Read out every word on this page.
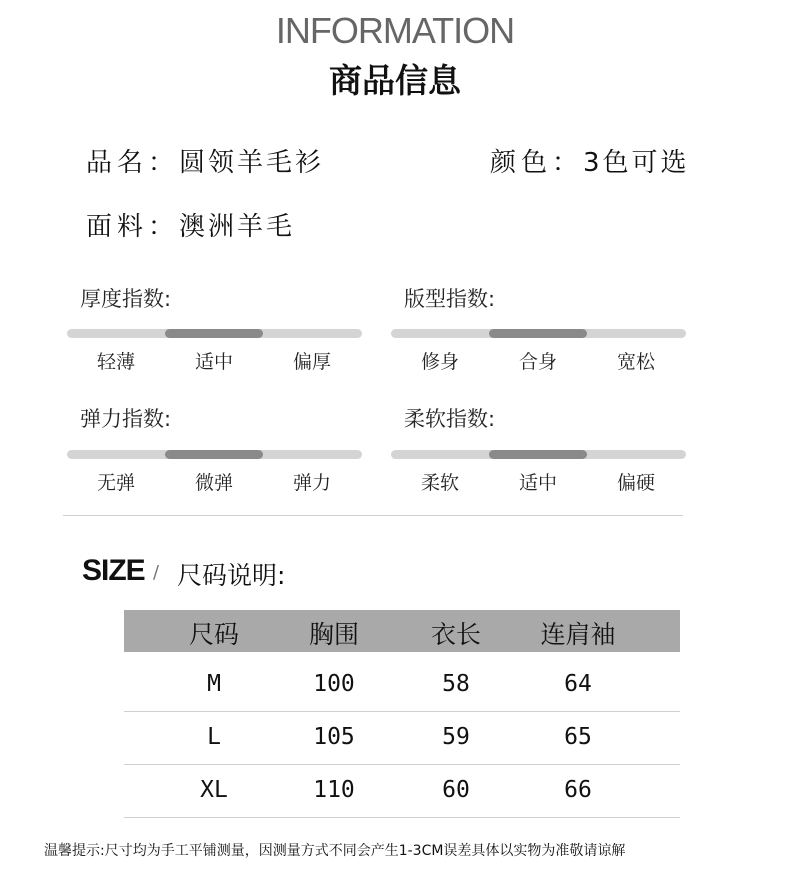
INFORMATION
商品信息
品名：圆领羊毛衫	颜色：3色可选
面料：澳洲羊毛
厚度指数:
轻薄	适中	偏厚
版型指数:
修身	合身	宽松
弹力指数:
无弹	微弹	弹力
柔软指数:
柔软	适中	偏硬
SIZE / 尺码说明:
尺码	胸围	衣长	连肩袖
M	100	58	64
L	105	59	65
XL	110	60	66
温馨提示:尺寸均为手工平铺测量，因测量方式不同会产生1-3CM误差具体以实物为准敬请谅解
